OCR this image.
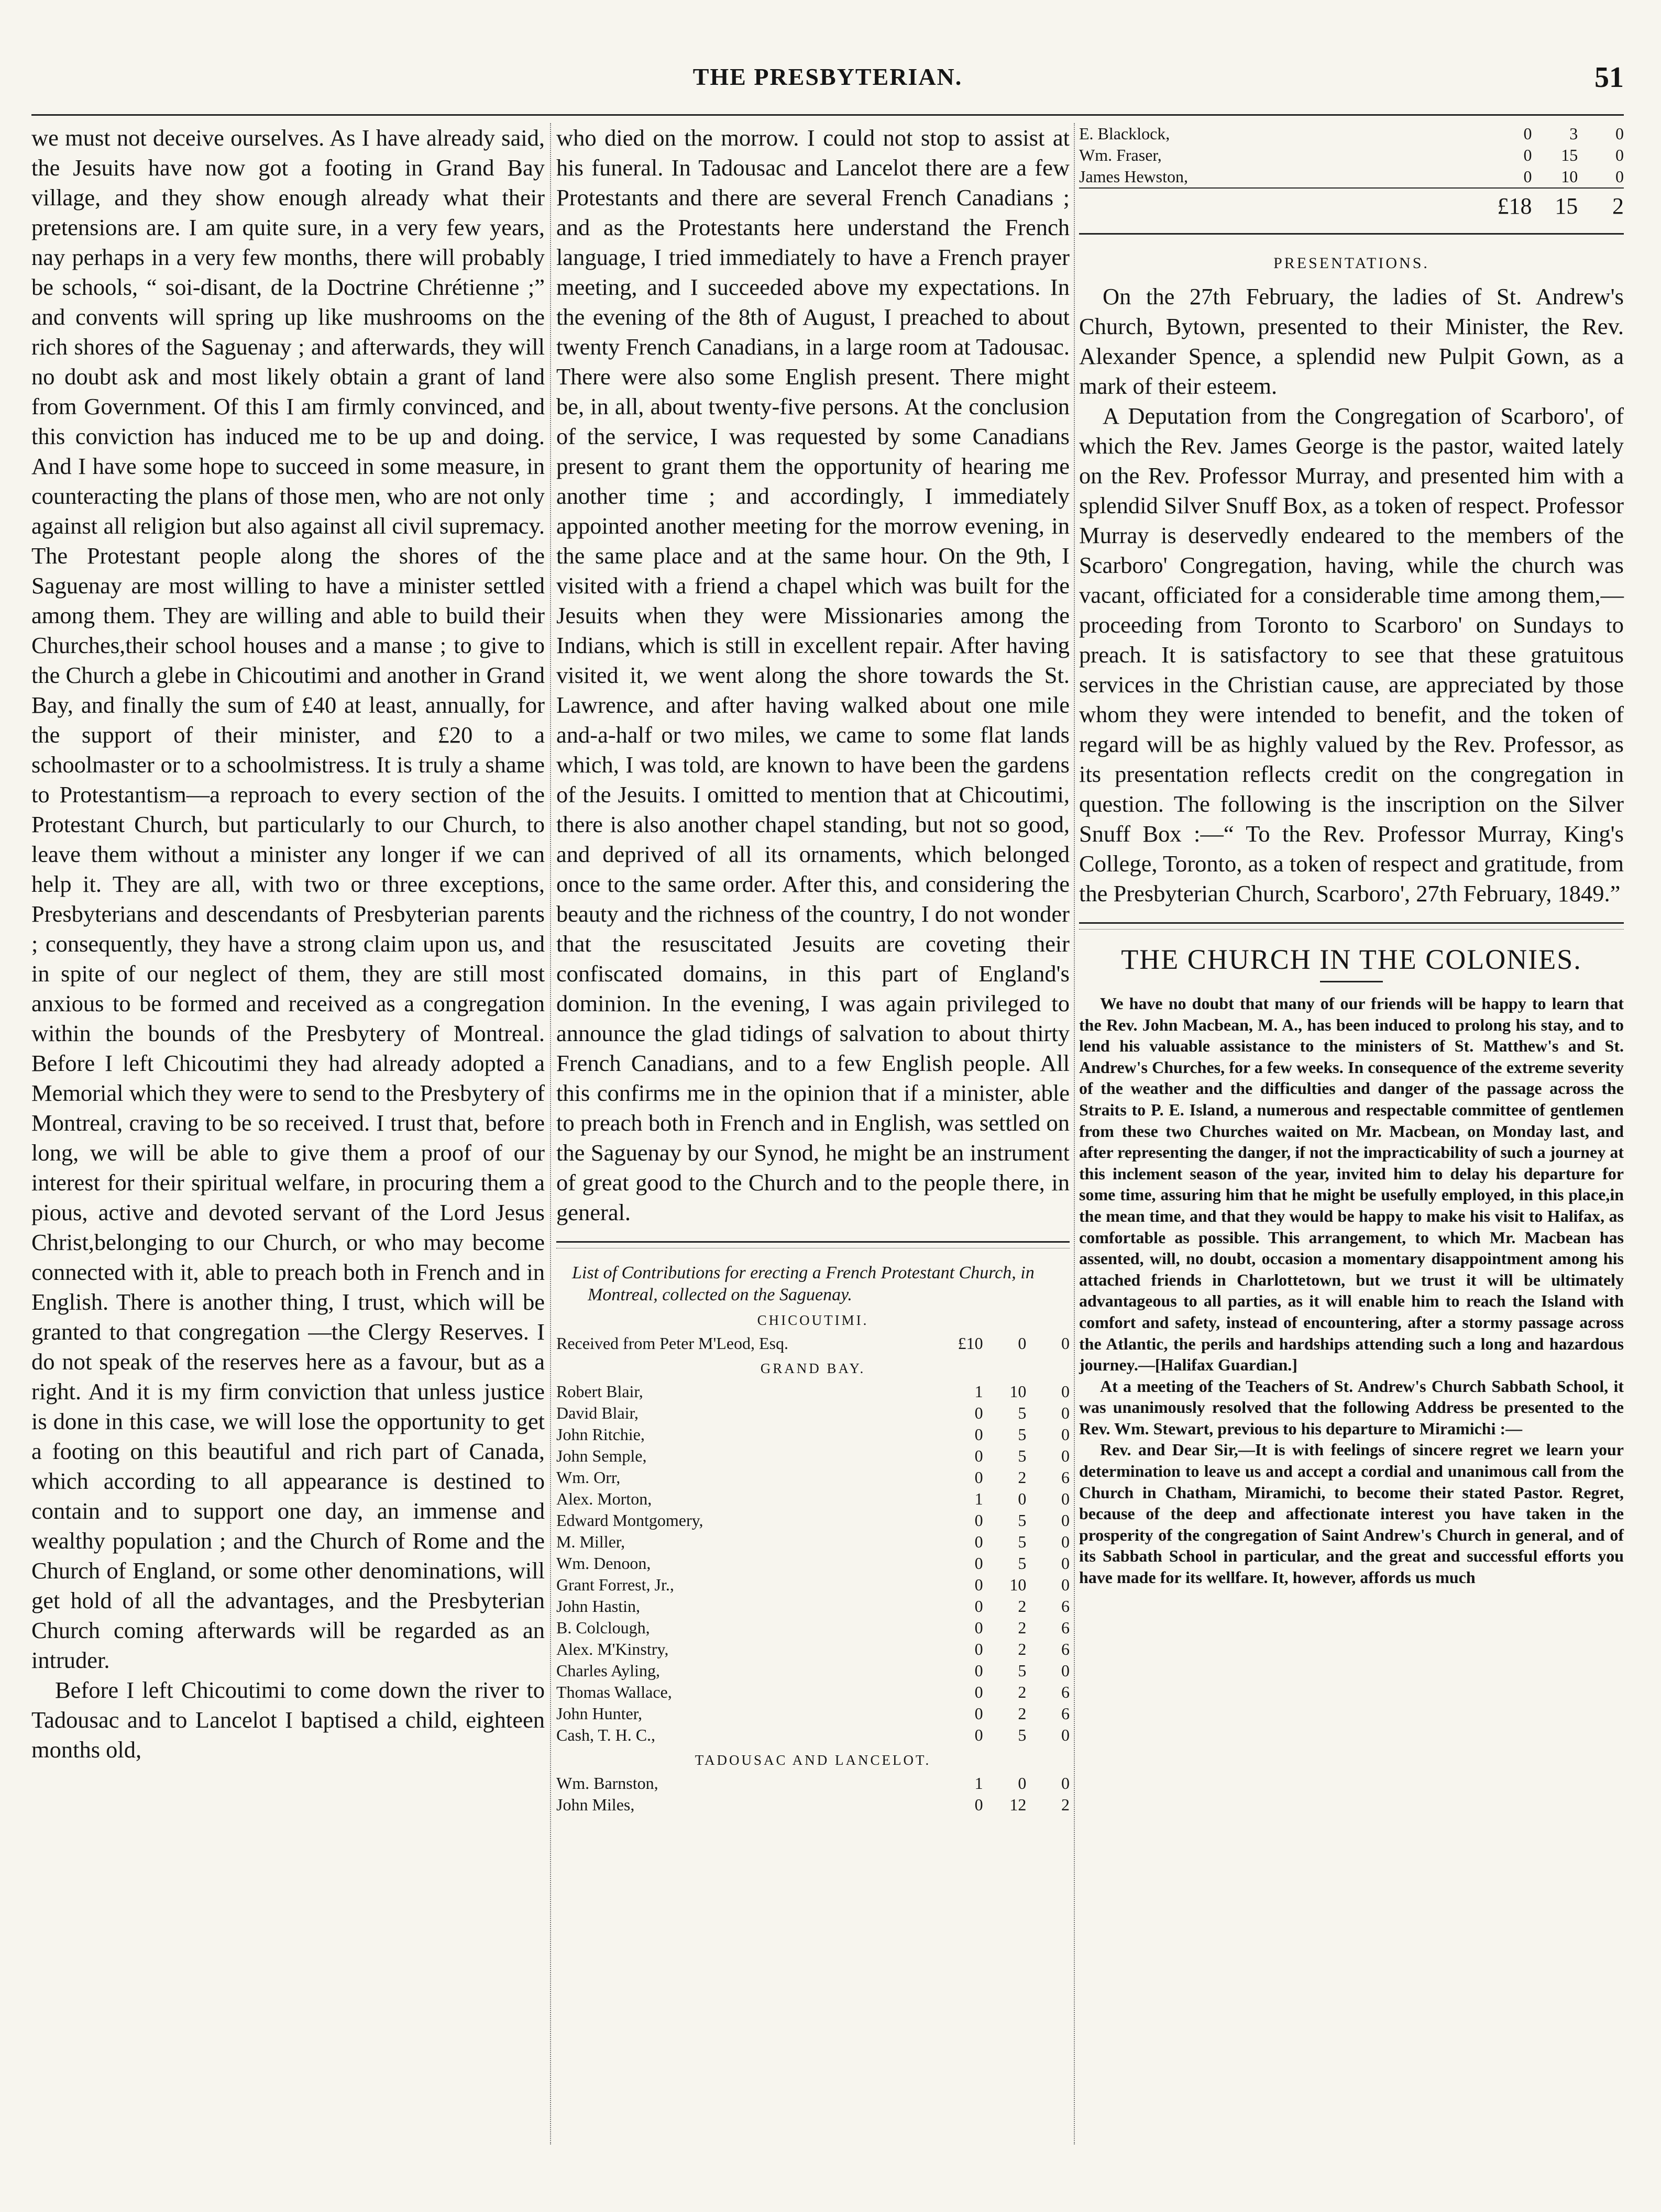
THE PRESBYTERIAN.	51

we must not deceive ourselves. As I have already said, the Jesuits have now got a footing in Grand Bay village, and they show enough already what their pretensions are. I am quite sure, in a very few years, nay perhaps in a very few months, there will probably be schools, “ soi-disant, de la Doctrine Chrétienne ;” and convents will spring up like mushrooms on the rich shores of the Saguenay ; and afterwards, they will no doubt ask and most likely obtain a grant of land from Government. Of this I am firmly convinced, and this conviction has induced me to be up and doing. And I have some hope to succeed in some measure, in counteracting the plans of those men, who are not only against all religion but also against all civil supremacy. The Protestant people along the shores of the Saguenay are most willing to have a minister settled among them. They are willing and able to build their Churches,their school houses and a manse ; to give to the Church a glebe in Chicoutimi and another in Grand Bay, and finally the sum of £40 at least, annually, for the support of their minister, and £20 to a schoolmaster or to a schoolmistress. It is truly a shame to Protestantism—a reproach to every section of the Protestant Church, but particularly to our Church, to leave them without a minister any longer if we can help it. They are all, with two or three exceptions, Presbyterians and descendants of Presbyterian parents ; consequently, they have a strong claim upon us, and in spite of our neglect of them, they are still most anxious to be formed and received as a congregation within the bounds of the Presbytery of Montreal. Before I left Chicoutimi they had already adopted a Memorial which they were to send to the Presbytery of Montreal, craving to be so received. I trust that, before long, we will be able to give them a proof of our interest for their spiritual welfare, in procuring them a pious, active and devoted servant of the Lord Jesus Christ,belonging to our Church, or who may become connected with it, able to preach both in French and in English. There is another thing, I trust, which will be granted to that congregation —the Clergy Reserves. I do not speak of the reserves here as a favour, but as a right. And it is my firm conviction that unless justice is done in this case, we will lose the opportunity to get a footing on this beautiful and rich part of Canada, which according to all appearance is destined to contain and to support one day, an immense and wealthy population ; and the Church of Rome and the Church of England, or some other denominations, will get hold of all the advantages, and the Presbyterian Church coming afterwards will be regarded as an intruder.

Before I left Chicoutimi to come down the river to Tadousac and to Lancelot I baptised a child, eighteen months old,

who died on the morrow. I could not stop to assist at his funeral. In Tadousac and Lancelot there are a few Protestants and there are several French Canadians ; and as the Protestants here understand the French language, I tried immediately to have a French prayer meeting, and I succeeded above my expectations. In the evening of the 8th of August, I preached to about twenty French Canadians, in a large room at Tadousac. There were also some English present. There might be, in all, about twenty-five persons. At the conclusion of the service, I was requested by some Canadians present to grant them the opportunity of hearing me another time ; and accordingly, I immediately appointed another meeting for the morrow evening, in the same place and at the same hour. On the 9th, I visited with a friend a chapel which was built for the Jesuits when they were Missionaries among the Indians, which is still in excellent repair. After having visited it, we went along the shore towards the St. Lawrence, and after having walked about one mile and-a-half or two miles, we came to some flat lands which, I was told, are known to have been the gardens of the Jesuits. I omitted to mention that at Chicoutimi, there is also another chapel standing, but not so good, and deprived of all its ornaments, which belonged once to the same order. After this, and considering the beauty and the richness of the country, I do not wonder that the resuscitated Jesuits are coveting their confiscated domains, in this part of England's dominion. In the evening, I was again privileged to announce the glad tidings of salvation to about thirty French Canadians, and to a few English people. All this confirms me in the opinion that if a minister, able to preach both in French and in English, was settled on the Saguenay by our Synod, he might be an instrument of great good to the Church and to the people there, in general.

List of Contributions for erecting a French Protestant Church, in Montreal, collected on the Saguenay.

CHICOUTIMI.
Received from Peter M'Leod, Esq.	£10	0	0
GRAND BAY.
Robert Blair,	1	10	0
David Blair,	0	5	0
John Ritchie,	0	5	0
John Semple,	0	5	0
Wm. Orr,	0	2	6
Alex. Morton,	1	0	0
Edward Montgomery,	0	5	0
M. Miller,	0	5	0
Wm. Denoon,	0	5	0
Grant Forrest, Jr.,	0	10	0
John Hastin,	0	2	6
B. Colclough,	0	2	6
Alex. M'Kinstry,	0	2	6
Charles Ayling,	0	5	0
Thomas Wallace,	0	2	6
John Hunter,	0	2	6
Cash, T. H. C.,	0	5	0
TADOUSAC AND LANCELOT.
Wm. Barnston,	1	0	0
John Miles,	0	12	2
E. Blacklock,	0	3	0
Wm. Fraser,	0	15	0
James Hewston,	0	10	0
	£18	15	2
PRESENTATIONS.

On the 27th February, the ladies of St. Andrew's Church, Bytown, presented to their Minister, the Rev. Alexander Spence, a splendid new Pulpit Gown, as a mark of their esteem.

A Deputation from the Congregation of Scarboro', of which the Rev. James George is the pastor, waited lately on the Rev. Professor Murray, and presented him with a splendid Silver Snuff Box, as a token of respect. Professor Murray is deservedly endeared to the members of the Scarboro' Congregation, having, while the church was vacant, officiated for a considerable time among them,—proceeding from Toronto to Scarboro' on Sundays to preach. It is satisfactory to see that these gratuitous services in the Christian cause, are appreciated by those whom they were intended to benefit, and the token of regard will be as highly valued by the Rev. Professor, as its presentation reflects credit on the congregation in question. The following is the inscription on the Silver Snuff Box :—“ To the Rev. Professor Murray, King's College, Toronto, as a token of respect and gratitude, from the Presbyterian Church, Scarboro', 27th February, 1849.”

THE CHURCH IN THE COLONIES.

We have no doubt that many of our friends will be happy to learn that the Rev. John Macbean, M. A., has been induced to prolong his stay, and to lend his valuable assistance to the ministers of St. Matthew's and St. Andrew's Churches, for a few weeks. In consequence of the extreme severity of the weather and the difficulties and danger of the passage across the Straits to P. E. Island, a numerous and respectable committee of gentlemen from these two Churches waited on Mr. Macbean, on Monday last, and after representing the danger, if not the impracticability of such a journey at this inclement season of the year, invited him to delay his departure for some time, assuring him that he might be usefully employed, in this place,in the mean time, and that they would be happy to make his visit to Halifax, as comfortable as possible. This arrangement, to which Mr. Macbean has assented, will, no doubt, occasion a momentary disappointment among his attached friends in Charlottetown, but we trust it will be ultimately advantageous to all parties, as it will enable him to reach the Island with comfort and safety, instead of encountering, after a stormy passage across the Atlantic, the perils and hardships attending such a long and hazardous journey.—[Halifax Guardian.]

At a meeting of the Teachers of St. Andrew's Church Sabbath School, it was unanimously resolved that the following Address be presented to the Rev. Wm. Stewart, previous to his departure to Miramichi :—

Rev. and Dear Sir,—It is with feelings of sincere regret we learn your determination to leave us and accept a cordial and unanimous call from the Church in Chatham, Miramichi, to become their stated Pastor. Regret, because of the deep and affectionate interest you have taken in the prosperity of the congregation of Saint Andrew's Church in general, and of its Sabbath School in particular, and the great and successful efforts you have made for its wellfare. It, however, affords us much
